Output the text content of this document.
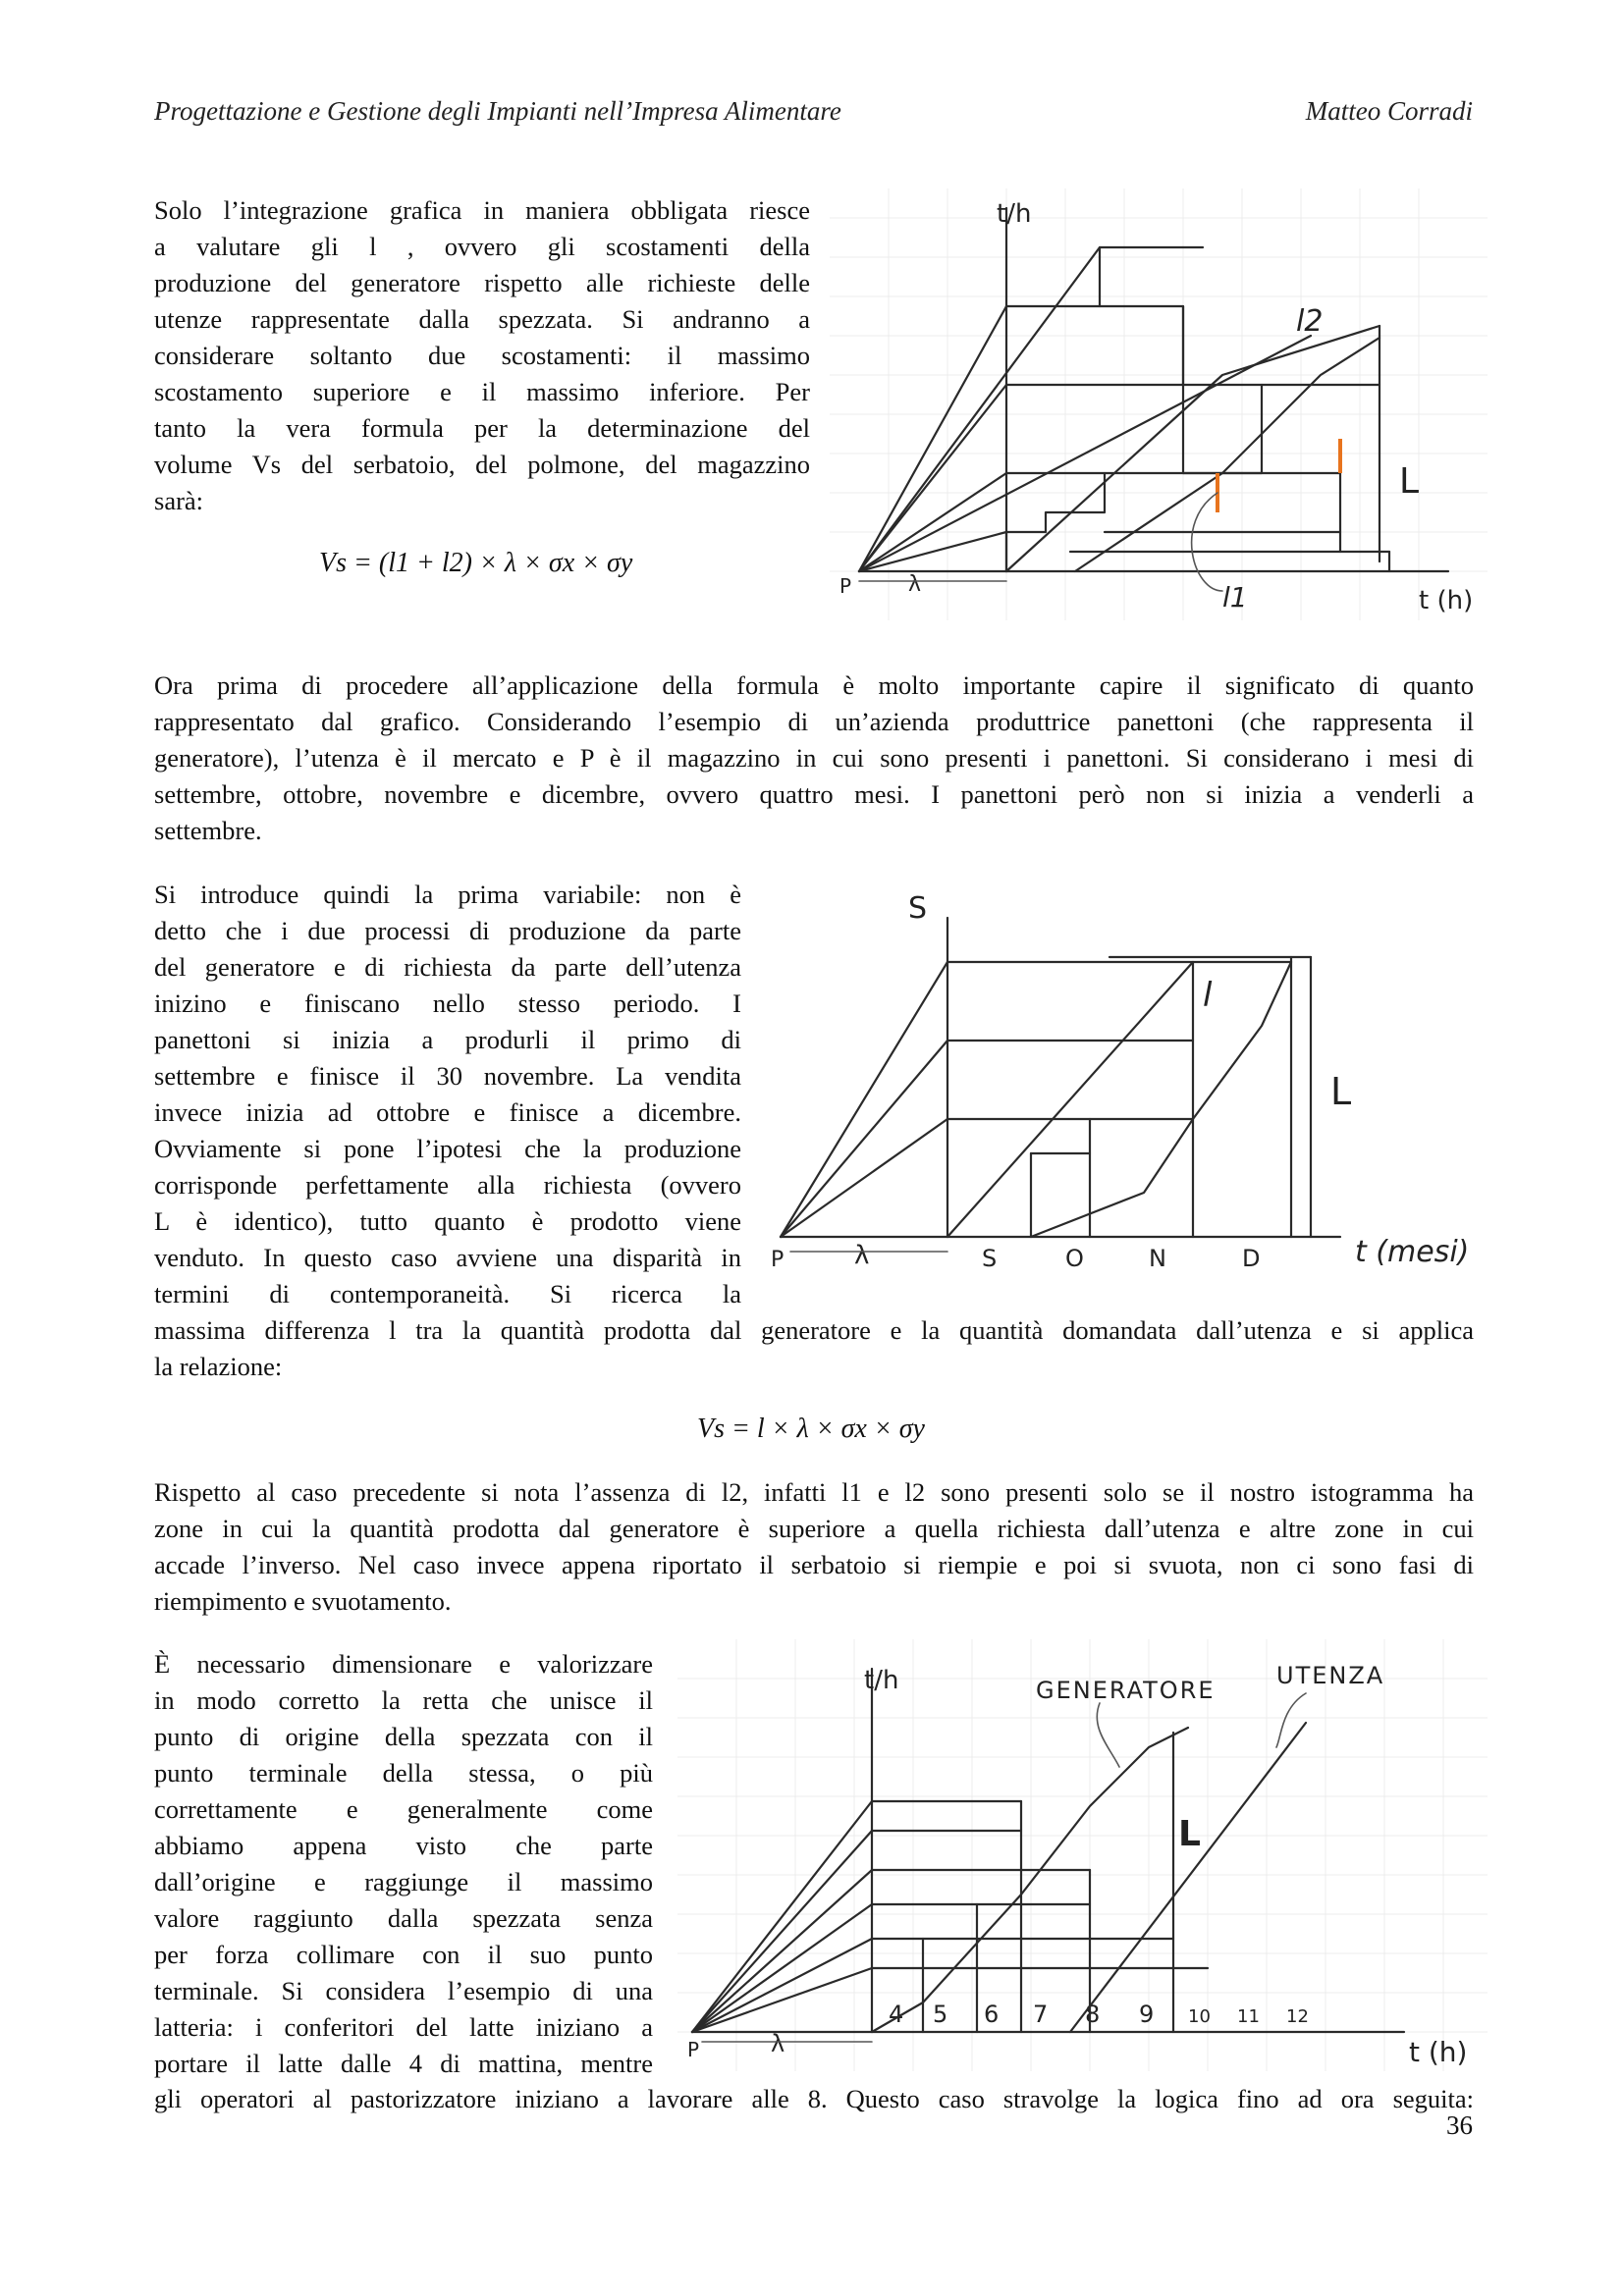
Progettazione e Gestione degli Impianti nell’Impresa Alimentare	Matteo Corradi
Solo l’integrazione grafica in maniera obbligata riesce
a valutare gli l , ovvero gli scostamenti della
produzione del generatore rispetto alle richieste delle
utenze rappresentate dalla spezzata. Si andranno a
considerare soltanto due scostamenti: il massimo
scostamento superiore e il massimo inferiore. Per
tanto la vera formula per la determinazione del
volume Vs del serbatoio, del polmone, del magazzino
sarà:
Vs = (l1 + l2) × λ × σx × σy
t/h
t (h)
P	λ
l2
L
l1
Ora prima di procedere all’applicazione della formula è molto importante capire il significato di quanto
rappresentato dal grafico. Considerando l’esempio di un’azienda produttrice panettoni (che rappresenta il
generatore), l’utenza è il mercato e P è il magazzino in cui sono presenti i panettoni. Si considerano i mesi di
settembre, ottobre, novembre e dicembre, ovvero quattro mesi. I panettoni però non si inizia a venderli a
settembre.
Si introduce quindi la prima variabile: non è
detto che i due processi di produzione da parte
del generatore e di richiesta da parte dell’utenza
inizino e finiscano nello stesso periodo. I
panettoni si inizia a produrli il primo di
settembre e finisce il 30 novembre. La vendita
invece inizia ad ottobre e finisce a dicembre.
Ovviamente si pone l’ipotesi che la produzione
corrisponde perfettamente alla richiesta (ovvero
L è identico), tutto quanto è prodotto viene
venduto. In questo caso avviene una disparità in
termini di contemporaneità. Si ricerca la
S
t (mesi)
P	λ	S	O	N	D
l
L
massima differenza l tra la quantità prodotta dal generatore e la quantità domandata dall’utenza e si applica
la relazione:
Vs = l × λ × σx × σy
Rispetto al caso precedente si nota l’assenza di l2, infatti l1 e l2 sono presenti solo se il nostro istogramma ha
zone in cui la quantità prodotta dal generatore è superiore a quella richiesta dall’utenza e altre zone in cui
accade l’inverso. Nel caso invece appena riportato il serbatoio si riempie e poi si svuota, non ci sono fasi di
riempimento e svuotamento.
È necessario dimensionare e valorizzare
in modo corretto la retta che unisce il
punto di origine della spezzata con il
punto terminale della stessa, o più
correttamente e generalmente come
abbiamo appena visto che parte
dall’origine e raggiunge il massimo
valore raggiunto dalla spezzata senza
per forza collimare con il suo punto
terminale. Si considera l’esempio di una
latteria: i conferitori del latte iniziano a
portare il latte dalle 4 di mattina, mentre
t/h
t (h)
P	λ
4 5 6 7 8 9 10 11 12
GENERATORE
UTENZA
L
gli operatori al pastorizzatore iniziano a lavorare alle 8. Questo caso stravolge la logica fino ad ora seguita:
36
